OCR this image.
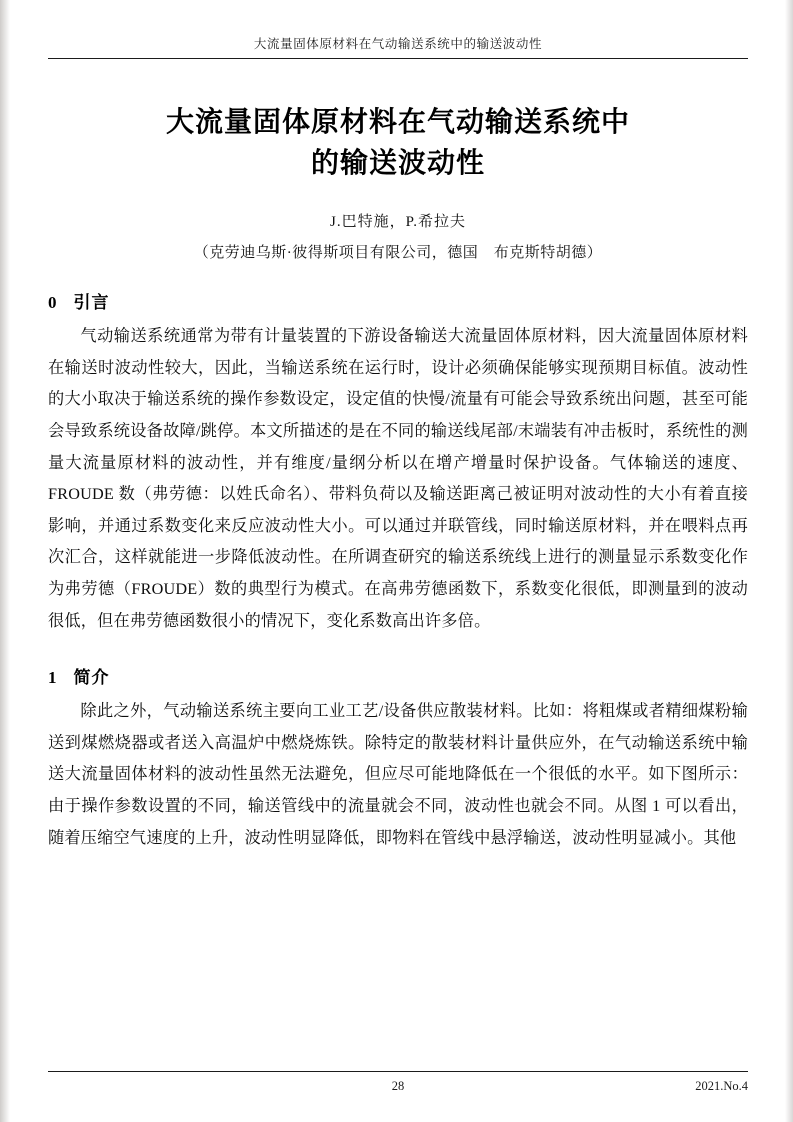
大流量固体原材料在气动输送系统中的输送波动性
大流量固体原材料在气动输送系统中
的输送波动性
J.巴特施，P.希拉夫
（克劳迪乌斯·彼得斯项目有限公司，德国　布克斯特胡德）
0 引言

气动输送系统通常为带有计量装置的下游设备输送大流量固体原材料，因大流量固体原材料在输送时波动性较大，因此，当输送系统在运行时，设计必须确保能够实现预期目标值。波动性的大小取决于输送系统的操作参数设定，设定值的快慢/流量有可能会导致系统出问题，甚至可能会导致系统设备故障/跳停。本文所描述的是在不同的输送线尾部/末端装有冲击板时，系统性的测量大流量原材料的波动性，并有维度/量纲分析以在增产增量时保护设备。气体输送的速度、FROUDE 数（弗劳德：以姓氏命名）、带料负荷以及输送距离己被证明对波动性的大小有着直接影响，并通过系数变化来反应波动性大小。可以通过并联管线，同时输送原材料，并在喂料点再次汇合，这样就能进一步降低波动性。在所调查研究的输送系统线上进行的测量显示系数变化作为弗劳德（FROUDE）数的典型行为模式。在高弗劳德函数下，系数变化很低，即测量到的波动很低，但在弗劳德函数很小的情况下，变化系数高出许多倍。

1 简介

除此之外，气动输送系统主要向工业工艺/设备供应散装材料。比如：将粗煤或者精细煤粉输送到煤燃烧器或者送入高温炉中燃烧炼铁。除特定的散装材料计量供应外，在气动输送系统中输送大流量固体材料的波动性虽然无法避免，但应尽可能地降低在一个很低的水平。如下图所示：由于操作参数设置的不同，输送管线中的流量就会不同，波动性也就会不同。从图 1 可以看出，随着压缩空气速度的上升，波动性明显降低，即物料在管线中悬浮输送，波动性明显减小。其他

28	2021.No.4
